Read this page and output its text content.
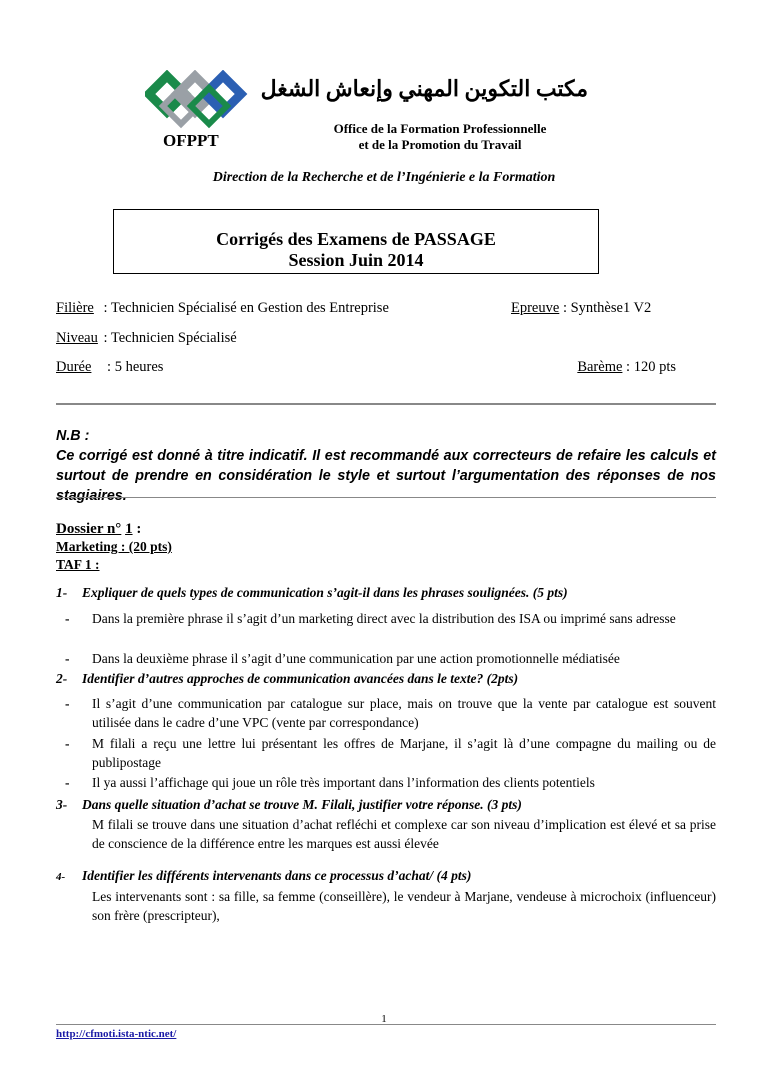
OFPPT
مكتب التكوين المهني وإنعاش الشغل
Office de la Formation Professionnelle
et de la Promotion du Travail
Direction de la Recherche et de l’Ingénierie e la Formation
Corrigés des Examens de PASSAGE
Session Juin 2014
Filière : Technicien Spécialisé en Gestion des Entreprise	Epreuve : Synthèse1 V2
Niveau : Technicien Spécialisé
Durée : 5 heures	Barème : 120 pts
N.B :
Ce corrigé est donné à titre indicatif. Il est recommandé aux correcteurs de refaire les calculs et surtout de prendre en considération le style et surtout l’argumentation des réponses de nos stagiaires.
Dossier n° 1 :
Marketing : (20 pts)
TAF 1 :
1- Expliquer de quels types de communication s’agit-il dans les phrases soulignées. (5 pts)
- Dans la première phrase il s’agit d’un marketing direct avec la distribution des ISA ou imprimé sans adresse
- Dans la deuxième phrase il s’agit d’une communication par une action promotionnelle médiatisée
2- Identifier d’autres approches de communication avancées dans le texte? (2pts)
- Il s’agit d’une communication par catalogue sur place, mais on trouve que la vente par catalogue est souvent utilisée dans le cadre d’une VPC (vente par correspondance)
- M filali a reçu une lettre lui présentant les offres de Marjane, il s’agit là d’une compagne du mailing ou de publipostage
- Il ya aussi l’affichage qui joue un rôle très important dans l’information des clients potentiels
3- Dans quelle situation d’achat se trouve M. Filali, justifier votre réponse. (3 pts)
M filali se trouve dans une situation d’achat refléchi et complexe car son niveau d’implication est élevé et sa prise de conscience de la différence entre les marques est aussi élevée
4- Identifier les différents intervenants dans ce processus d’achat/ (4 pts)
Les intervenants sont : sa fille, sa femme (conseillère), le vendeur à Marjane, vendeuse à microchoix (influenceur) son frère (prescripteur),
1
http://cfmoti.ista-ntic.net/
